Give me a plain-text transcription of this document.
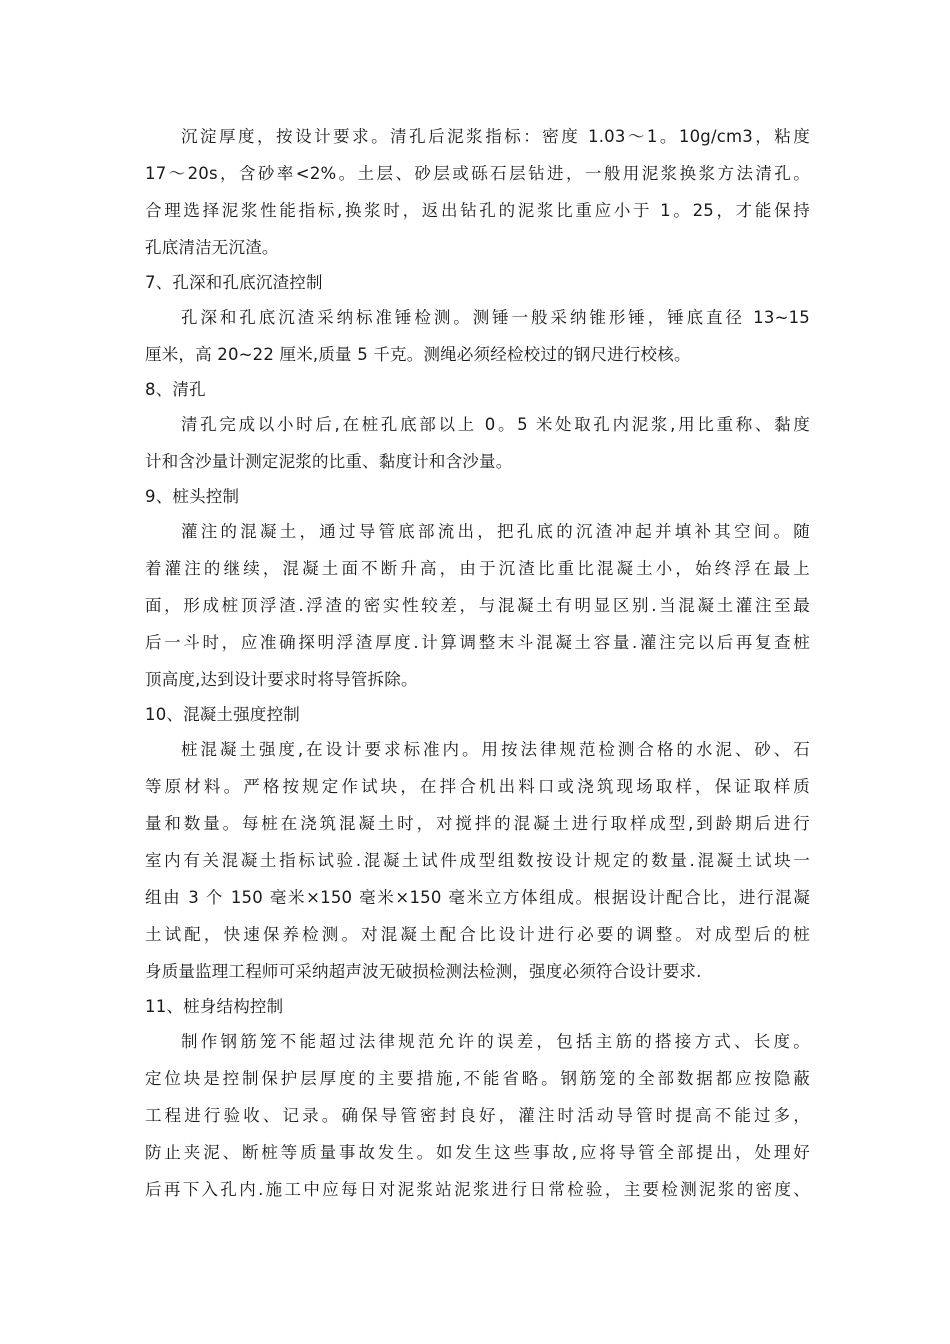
沉淀厚度，按设计要求。清孔后泥浆指标：密度 1.03～1。10g/cm3，粘度
17～20s，含砂率<2%。土层、砂层或砾石层钻进，一般用泥浆换浆方法清孔。
合理选择泥浆性能指标,换浆时，返出钻孔的泥浆比重应小于 1。25，才能保持
孔底清洁无沉渣。
7、孔深和孔底沉渣控制
孔深和孔底沉渣采纳标准锤检测。测锤一般采纳锥形锤，锤底直径 13~15
厘米，高 20~22 厘米,质量 5 千克。测绳必须经检校过的钢尺进行校核。
8、清孔
清孔完成以小时后,在桩孔底部以上 0。5 米处取孔内泥浆,用比重称、黏度
计和含沙量计测定泥浆的比重、黏度计和含沙量。
9、桩头控制
灌注的混凝土，通过导管底部流出，把孔底的沉渣冲起并填补其空间。随
着灌注的继续，混凝土面不断升高，由于沉渣比重比混凝土小，始终浮在最上
面，形成桩顶浮渣.浮渣的密实性较差，与混凝土有明显区别.当混凝土灌注至最
后一斗时，应准确探明浮渣厚度.计算调整末斗混凝土容量.灌注完以后再复查桩
顶高度,达到设计要求时将导管拆除。
10、混凝土强度控制
桩混凝土强度,在设计要求标准内。用按法律规范检测合格的水泥、砂、石
等原材料。严格按规定作试块，在拌合机出料口或浇筑现场取样，保证取样质
量和数量。每桩在浇筑混凝土时，对搅拌的混凝土进行取样成型,到龄期后进行
室内有关混凝土指标试验.混凝土试件成型组数按设计规定的数量.混凝土试块一
组由 3 个 150 毫米×150 毫米×150 毫米立方体组成。根据设计配合比，进行混凝
土试配，快速保养检测。对混凝土配合比设计进行必要的调整。对成型后的桩
身质量监理工程师可采纳超声波无破损检测法检测，强度必须符合设计要求.
11、桩身结构控制
制作钢筋笼不能超过法律规范允许的误差，包括主筋的搭接方式、长度。
定位块是控制保护层厚度的主要措施,不能省略。钢筋笼的全部数据都应按隐蔽
工程进行验收、记录。确保导管密封良好，灌注时活动导管时提高不能过多，
防止夹泥、断桩等质量事故发生。如发生这些事故,应将导管全部提出，处理好
后再下入孔内.施工中应每日对泥浆站泥浆进行日常检验，主要检测泥浆的密度、
